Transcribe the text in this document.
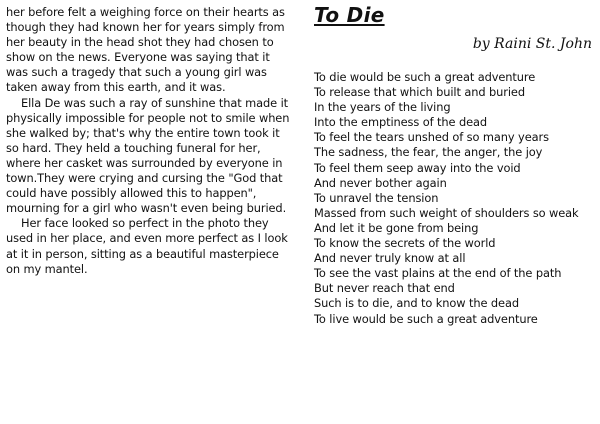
her before felt a weighing force on their hearts as though they had known her for years simply from her beauty in the head shot they had chosen to show on the news. Everyone was saying that it was such a tragedy that such a young girl was taken away from this earth, and it was.

Ella De was such a ray of sunshine that made it physically impossible for people not to smile when she walked by; that's why the entire town took it so hard. They held a touching funeral for her, where her casket was surrounded by everyone in town.They were crying and cursing the "God that could have possibly allowed this to happen", mourning for a girl who wasn't even being buried.

Her face looked so perfect in the photo they used in her place, and even more perfect as I look at it in person, sitting as a beautiful masterpiece on my mantel.

To Die
by Raini St. John
To die would be such a great adventure
To release that which built and buried
In the years of the living
Into the emptiness of the dead
To feel the tears unshed of so many years
The sadness, the fear, the anger, the joy
To feel them seep away into the void
And never bother again
To unravel the tension
Massed from such weight of shoulders so weak
And let it be gone from being
To know the secrets of the world
And never truly know at all
To see the vast plains at the end of the path
But never reach that end
Such is to die, and to know the dead
To live would be such a great adventure
